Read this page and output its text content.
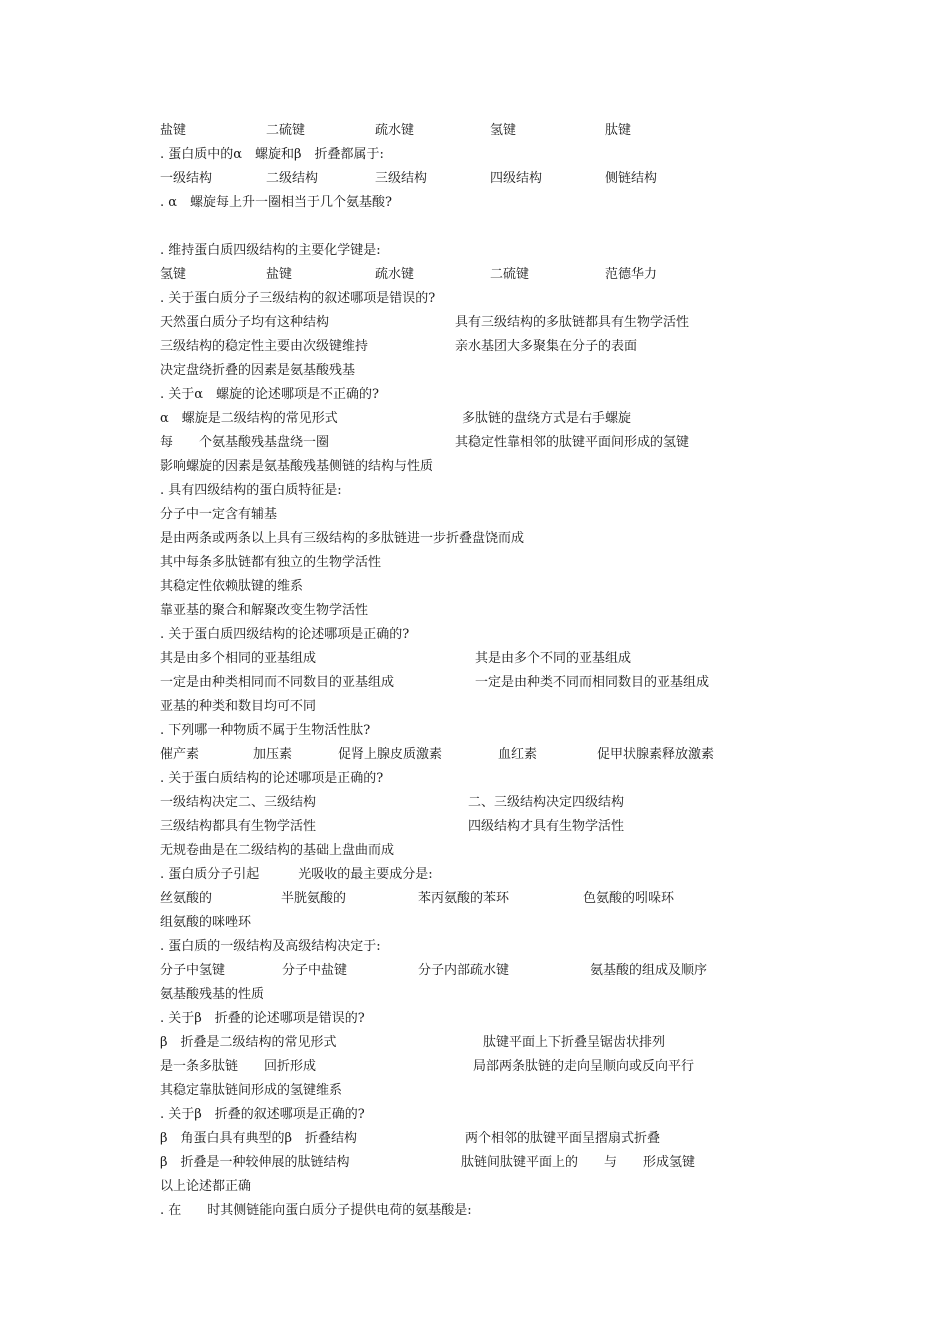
盐键	二硫键	疏水键	氢键	肽键
. 蛋白质中的α　螺旋和β　折叠都属于:
一级结构	二级结构	三级结构	四级结构	侧链结构
. α　螺旋每上升一圈相当于几个氨基酸?
. 维持蛋白质四级结构的主要化学键是:
氢键	盐键	疏水键	二硫键	范德华力
. 关于蛋白质分子三级结构的叙述哪项是错误的?
天然蛋白质分子均有这种结构	具有三级结构的多肽链都具有生物学活性
三级结构的稳定性主要由次级键维持	亲水基团大多聚集在分子的表面
决定盘绕折叠的因素是氨基酸残基
. 关于α　螺旋的论述哪项是不正确的?
α　螺旋是二级结构的常见形式	多肽链的盘绕方式是右手螺旋
每　　个氨基酸残基盘绕一圈	其稳定性靠相邻的肽键平面间形成的氢键
影响螺旋的因素是氨基酸残基侧链的结构与性质
. 具有四级结构的蛋白质特征是:
分子中一定含有辅基
是由两条或两条以上具有三级结构的多肽链进一步折叠盘饶而成
其中每条多肽链都有独立的生物学活性
其稳定性依赖肽键的维系
靠亚基的聚合和解聚改变生物学活性
. 关于蛋白质四级结构的论述哪项是正确的?
其是由多个相同的亚基组成	其是由多个不同的亚基组成
一定是由种类相同而不同数目的亚基组成	一定是由种类不同而相同数目的亚基组成
亚基的种类和数目均可不同
. 下列哪一种物质不属于生物活性肽?
催产素	加压素	促肾上腺皮质激素	血红素	促甲状腺素释放激素
. 关于蛋白质结构的论述哪项是正确的?
一级结构决定二、三级结构	二、三级结构决定四级结构
三级结构都具有生物学活性	四级结构才具有生物学活性
无规卷曲是在二级结构的基础上盘曲而成
. 蛋白质分子引起　　　光吸收的最主要成分是:
丝氨酸的	半胱氨酸的	苯丙氨酸的苯环	色氨酸的吲哚环
组氨酸的咪唑环
. 蛋白质的一级结构及高级结构决定于:
分子中氢键	分子中盐键	分子内部疏水键	氨基酸的组成及顺序
氨基酸残基的性质
. 关于β　折叠的论述哪项是错误的?
β　折叠是二级结构的常见形式	肽键平面上下折叠呈锯齿状排列
是一条多肽链　　回折形成	局部两条肽链的走向呈顺向或反向平行
其稳定靠肽链间形成的氢键维系
. 关于β　折叠的叙述哪项是正确的?
β　角蛋白具有典型的β　折叠结构	两个相邻的肽键平面呈摺扇式折叠
β　折叠是一种较伸展的肽链结构	肽链间肽键平面上的　　与　　形成氢键
以上论述都正确
. 在　　时其侧链能向蛋白质分子提供电荷的氨基酸是:
